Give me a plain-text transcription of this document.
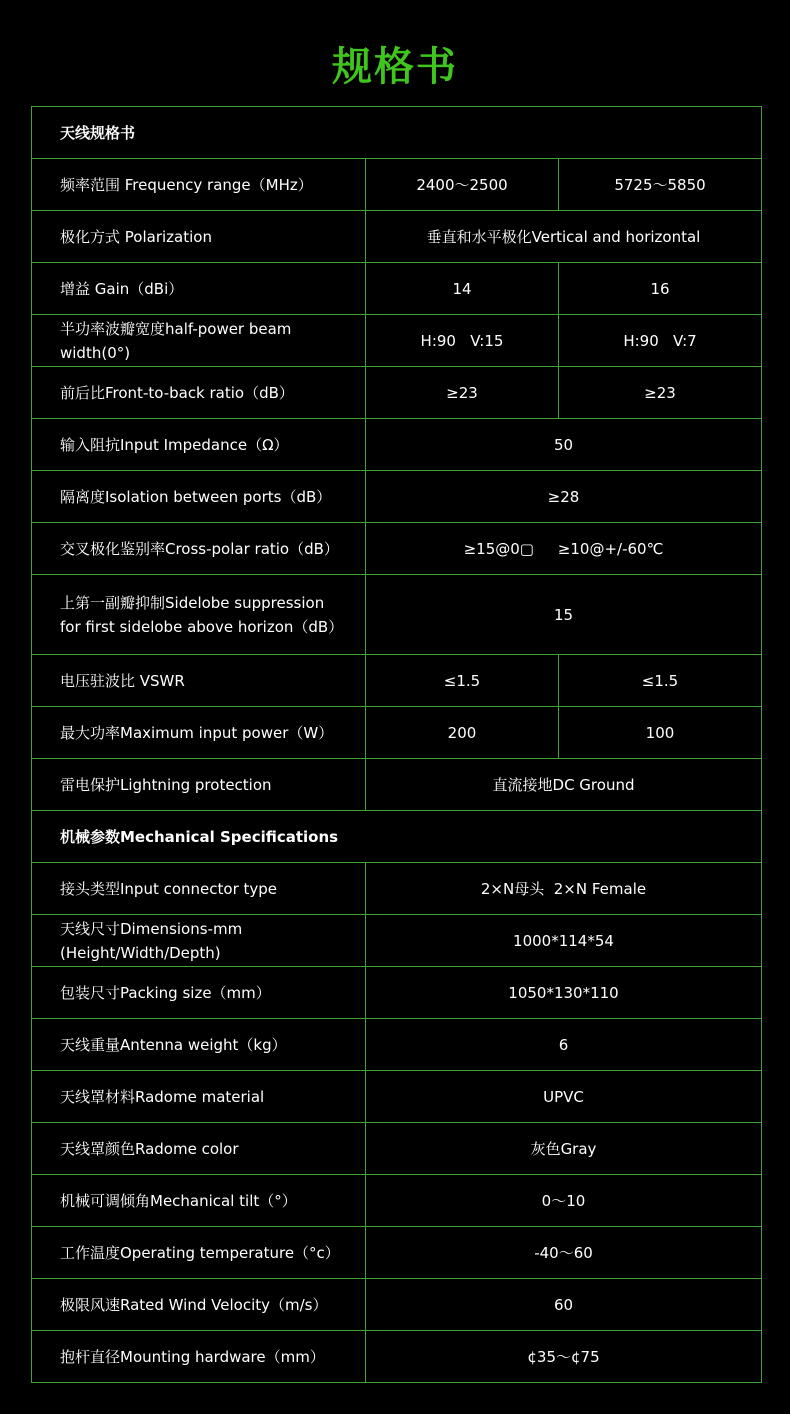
规格书
天线规格书		
频率范围 Frequency range（MHz）	2400～2500	5725～5850
极化方式 Polarization	垂直和水平极化Vertical and horizontal	
增益 Gain（dBi）	14	16
半功率波瓣宽度half-power beam width(0°)	H:90   V:15	H:90   V:7
前后比Front-to-back ratio（dB）	≥23	≥23
输入阻抗Input Impedance（Ω）	50	
隔离度Isolation between ports（dB）	≥28	
交叉极化鉴别率Cross-polar ratio（dB）	≥15@0▢     ≥10@+/-60℃	
上第一副瓣抑制Sidelobe suppression for first sidelobe above horizon（dB）	15	
电压驻波比 VSWR	≤1.5	≤1.5
最大功率Maximum input power（W）	200	100
雷电保护Lightning protection	直流接地DC Ground	
机械参数Mechanical Specifications		
接头类型Input connector type	2×N母头  2×N Female	
天线尺寸Dimensions-mm (Height/Width/Depth)	1000*114*54	
包装尺寸Packing size（mm）	1050*130*110	
天线重量Antenna weight（kg）	6	
天线罩材料Radome material	UPVC	
天线罩颜色Radome color	灰色Gray	
机械可调倾角Mechanical tilt（°）	0～10	
工作温度Operating temperature（°c）	-40～60	
极限风速Rated Wind Velocity（m/s）	60	
抱杆直径Mounting hardware（mm）	¢35～¢75	
